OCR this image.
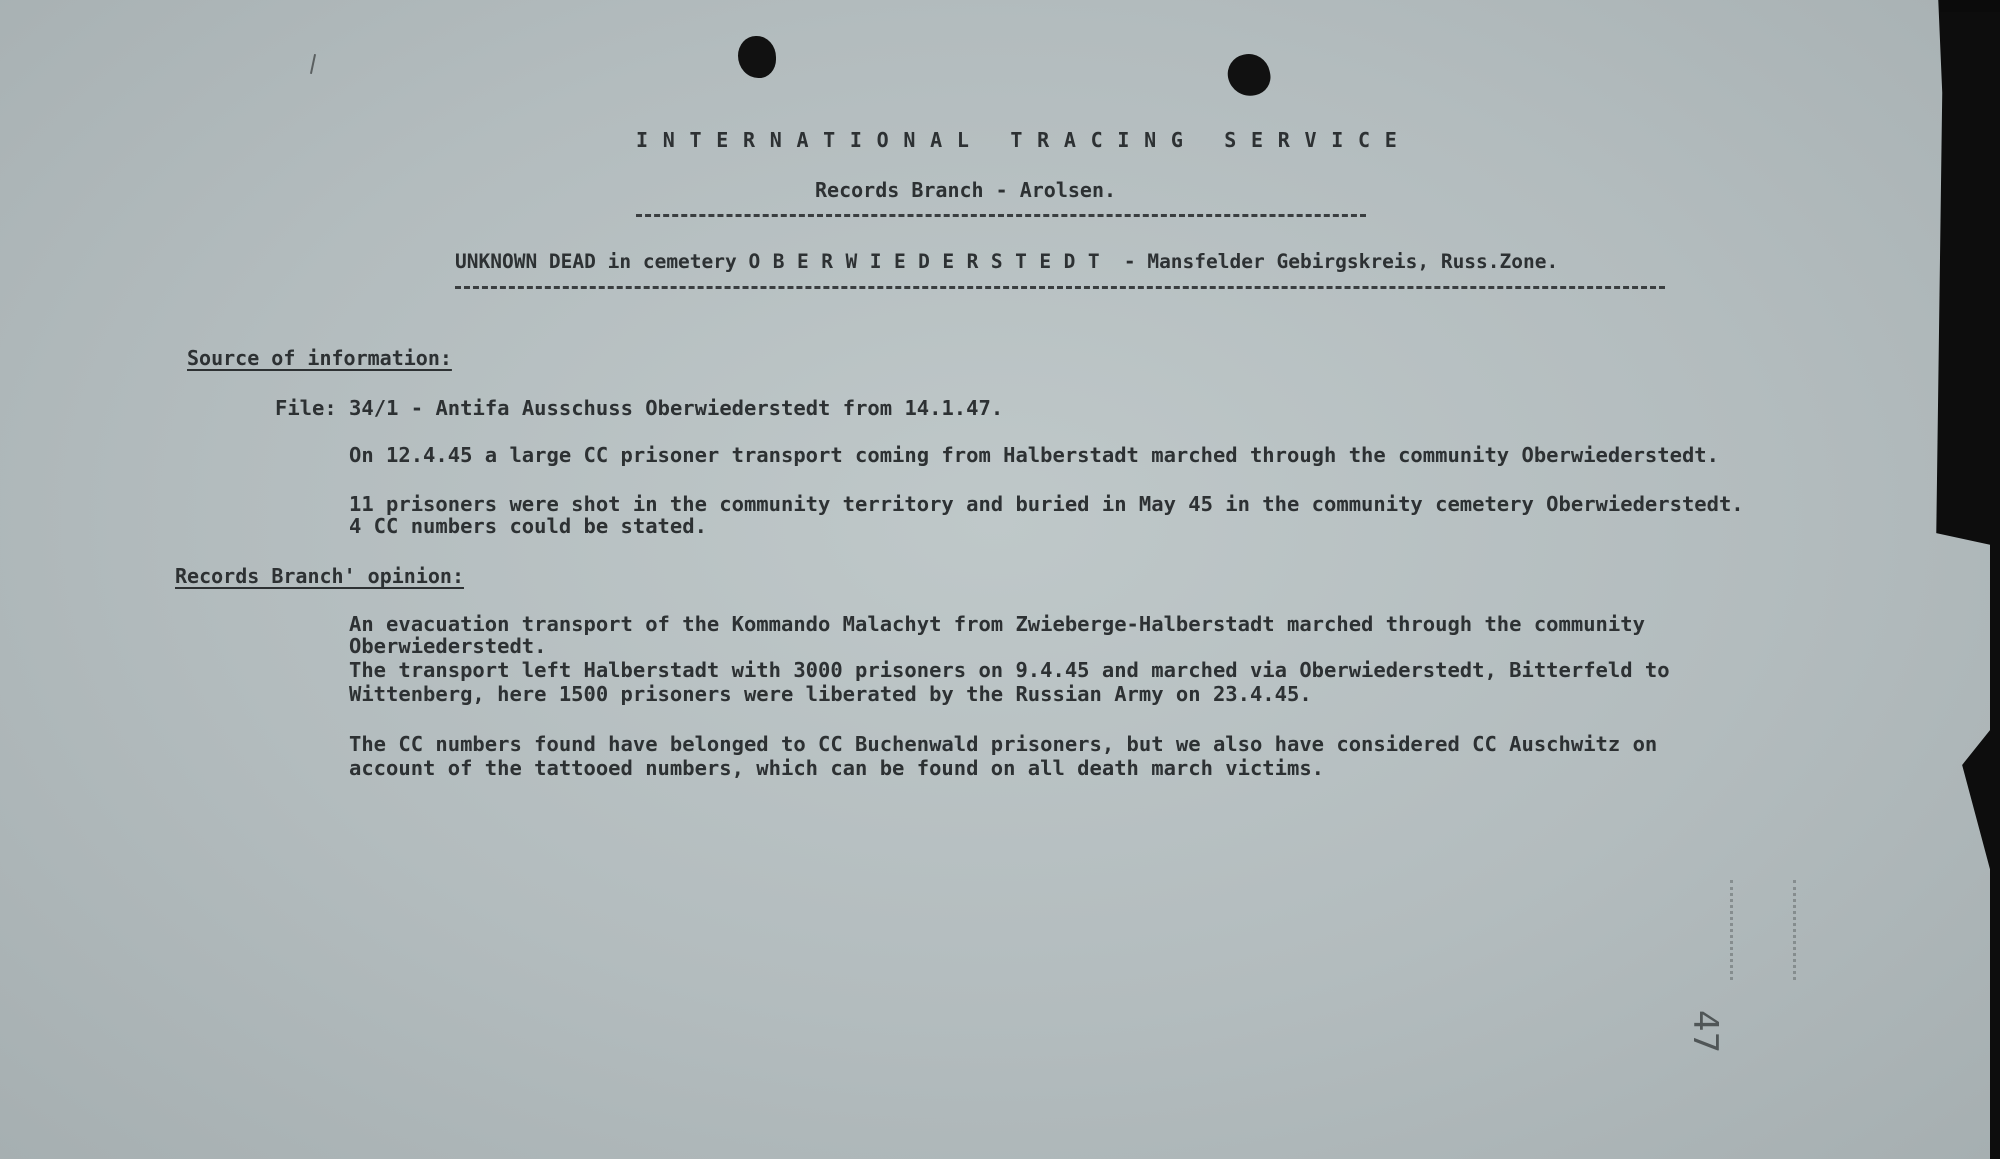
INTERNATIONAL TRACING SERVICE
Records Branch - Arolsen.
UNKNOWN DEAD in cemetery OBERWIEDERSTEDT - Mansfelder Gebirgskreis, Russ.Zone.
Source of information:
File: 34/1 - Antifa Ausschuss Oberwiederstedt from 14.1.47.
On 12.4.45 a large CC prisoner transport coming from Halberstadt marched through the community Oberwiederstedt.
11 prisoners were shot in the community territory and buried in May 45 in the community cemetery Oberwiederstedt.
4 CC numbers could be stated.
Records Branch' opinion:
An evacuation transport of the Kommando Malachyt from Zwieberge-Halberstadt marched through the community
Oberwiederstedt.
The transport left Halberstadt with 3000 prisoners on 9.4.45 and marched via Oberwiederstedt, Bitterfeld to
Wittenberg, here 1500 prisoners were liberated by the Russian Army on 23.4.45.
The CC numbers found have belonged to CC Buchenwald prisoners, but we also have considered CC Auschwitz on
account of the tattooed numbers, which can be found on all death march victims.
47
